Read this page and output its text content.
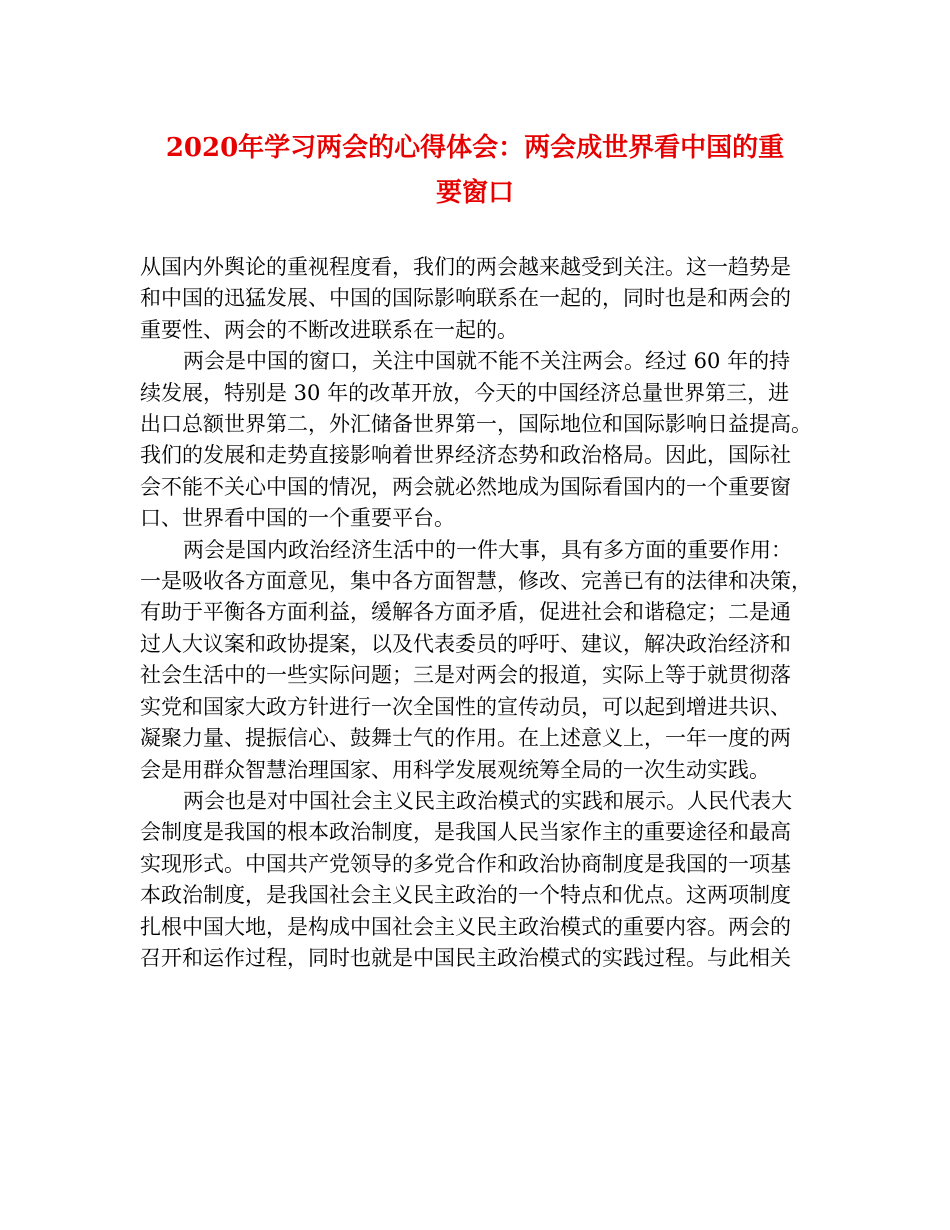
2020年学习两会的心得体会：两会成世界看中国的重
要窗口
从国内外舆论的重视程度看，我们的两会越来越受到关注。这一趋势是
和中国的迅猛发展、中国的国际影响联系在一起的，同时也是和两会的
重要性、两会的不断改进联系在一起的。
两会是中国的窗口，关注中国就不能不关注两会。经过 60 年的持
续发展，特别是 30 年的改革开放，今天的中国经济总量世界第三，进
出口总额世界第二，外汇储备世界第一，国际地位和国际影响日益提高。
我们的发展和走势直接影响着世界经济态势和政治格局。因此，国际社
会不能不关心中国的情况，两会就必然地成为国际看国内的一个重要窗
口、世界看中国的一个重要平台。
两会是国内政治经济生活中的一件大事，具有多方面的重要作用：
一是吸收各方面意见，集中各方面智慧，修改、完善已有的法律和决策，
有助于平衡各方面利益，缓解各方面矛盾，促进社会和谐稳定；二是通
过人大议案和政协提案，以及代表委员的呼吁、建议，解决政治经济和
社会生活中的一些实际问题；三是对两会的报道，实际上等于就贯彻落
实党和国家大政方针进行一次全国性的宣传动员，可以起到增进共识、
凝聚力量、提振信心、鼓舞士气的作用。在上述意义上，一年一度的两
会是用群众智慧治理国家、用科学发展观统筹全局的一次生动实践。
两会也是对中国社会主义民主政治模式的实践和展示。人民代表大
会制度是我国的根本政治制度，是我国人民当家作主的重要途径和最高
实现形式。中国共产党领导的多党合作和政治协商制度是我国的一项基
本政治制度，是我国社会主义民主政治的一个特点和优点。这两项制度
扎根中国大地，是构成中国社会主义民主政治模式的重要内容。两会的
召开和运作过程，同时也就是中国民主政治模式的实践过程。与此相关
